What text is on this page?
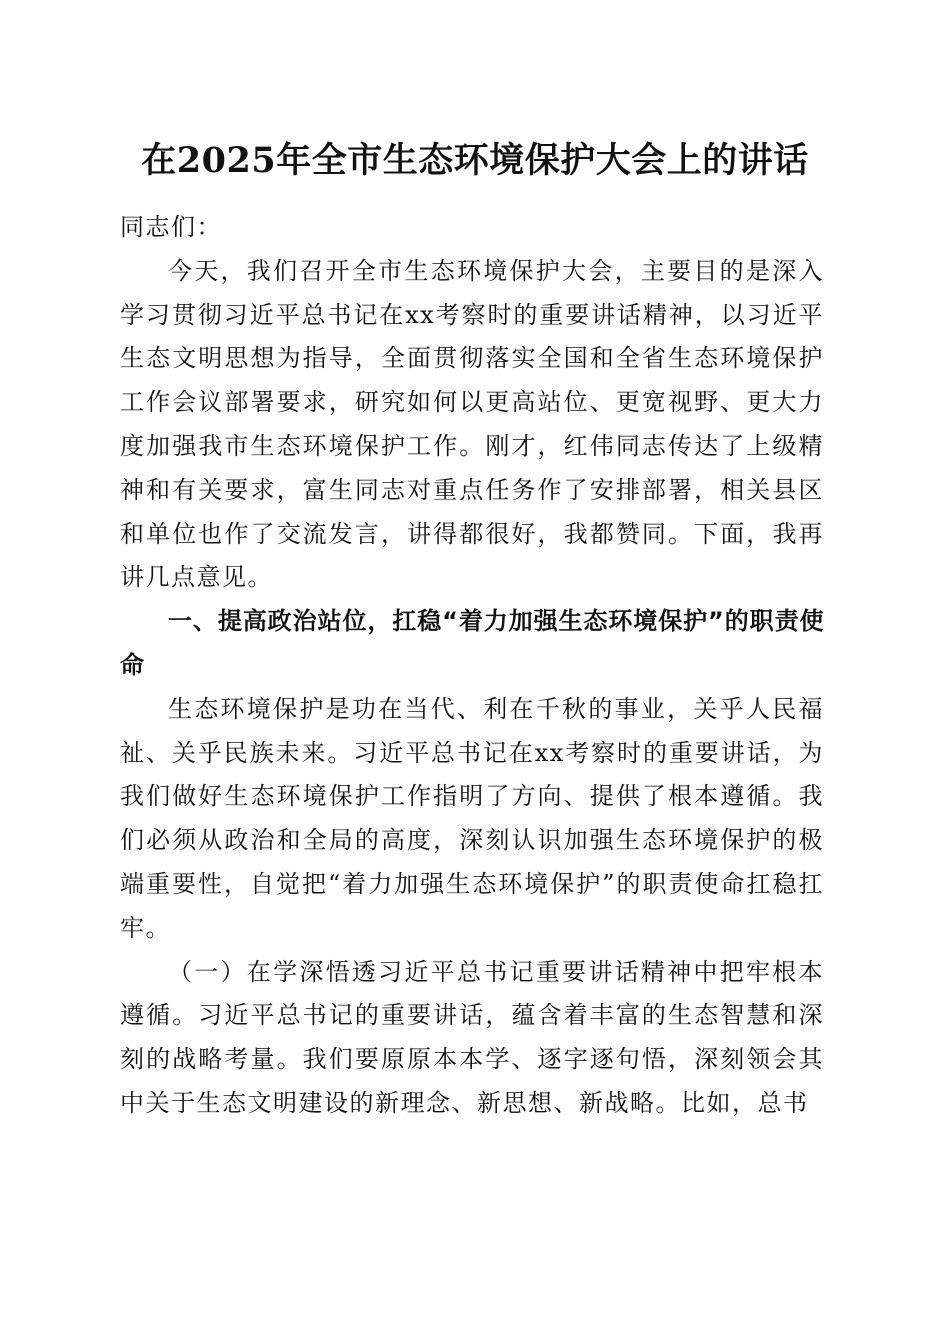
在2025年全市生态环境保护大会上的讲话

同志们：

今天，我们召开全市生态环境保护大会，主要目的是深入学习贯彻习近平总书记在xx考察时的重要讲话精神，以习近平生态文明思想为指导，全面贯彻落实全国和全省生态环境保护工作会议部署要求，研究如何以更高站位、更宽视野、更大力度加强我市生态环境保护工作。刚才，红伟同志传达了上级精神和有关要求，富生同志对重点任务作了安排部署，相关县区和单位也作了交流发言，讲得都很好，我都赞同。下面，我再讲几点意见。

一、提高政治站位，扛稳“着力加强生态环境保护”的职责使命

生态环境保护是功在当代、利在千秋的事业，关乎人民福祉、关乎民族未来。习近平总书记在xx考察时的重要讲话，为我们做好生态环境保护工作指明了方向、提供了根本遵循。我们必须从政治和全局的高度，深刻认识加强生态环境保护的极端重要性，自觉把“着力加强生态环境保护”的职责使命扛稳扛牢。

（一）在学深悟透习近平总书记重要讲话精神中把牢根本遵循。习近平总书记的重要讲话，蕴含着丰富的生态智慧和深刻的战略考量。我们要原原本本学、逐字逐句悟，深刻领会其中关于生态文明建设的新理念、新思想、新战略。比如，总书
